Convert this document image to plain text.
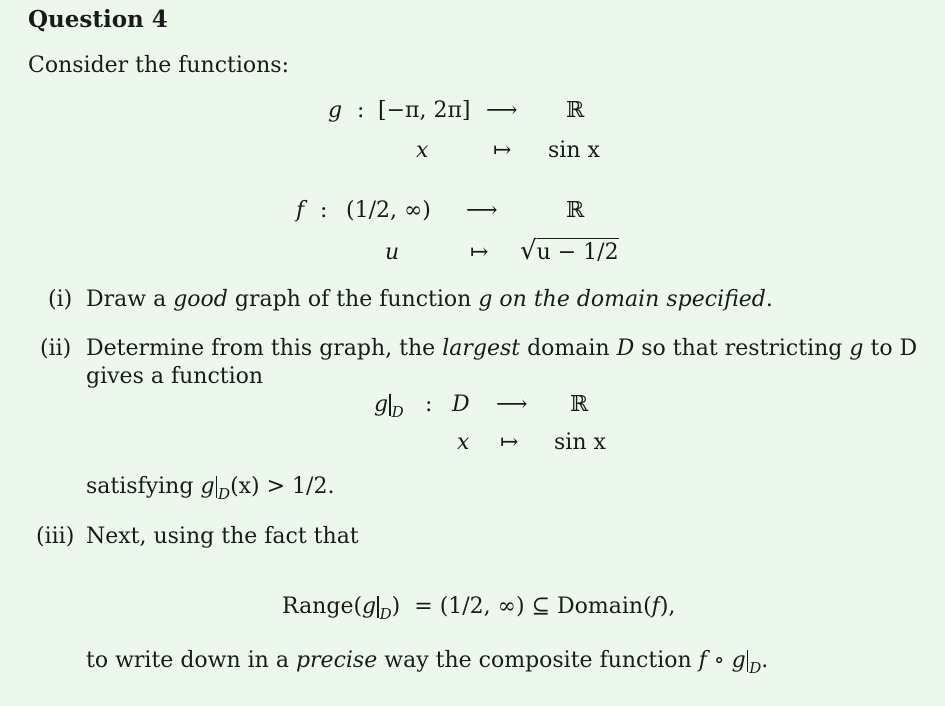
Question 4
Consider the functions:
g : [−π, 2π] ⟶ ℝ
x	↦ sin x
f : (1/2, ∞) ⟶	ℝ
u	↦ √u − 1/2
(i) Draw a good graph of the function g on the domain specified.
(ii) Determine from this graph, the largest domain D so that restricting g to D
gives a function
g $_D$ : D ⟶ ℝ
x ↦ sin x
satisfying g $_D$(x) > 1/2.
(iii) Next, using the fact that
Range(g $_D$) = (1/2, ∞) ⊆ Domain(f),
to write down in a precise way the composite function f ∘ g $_D$.
